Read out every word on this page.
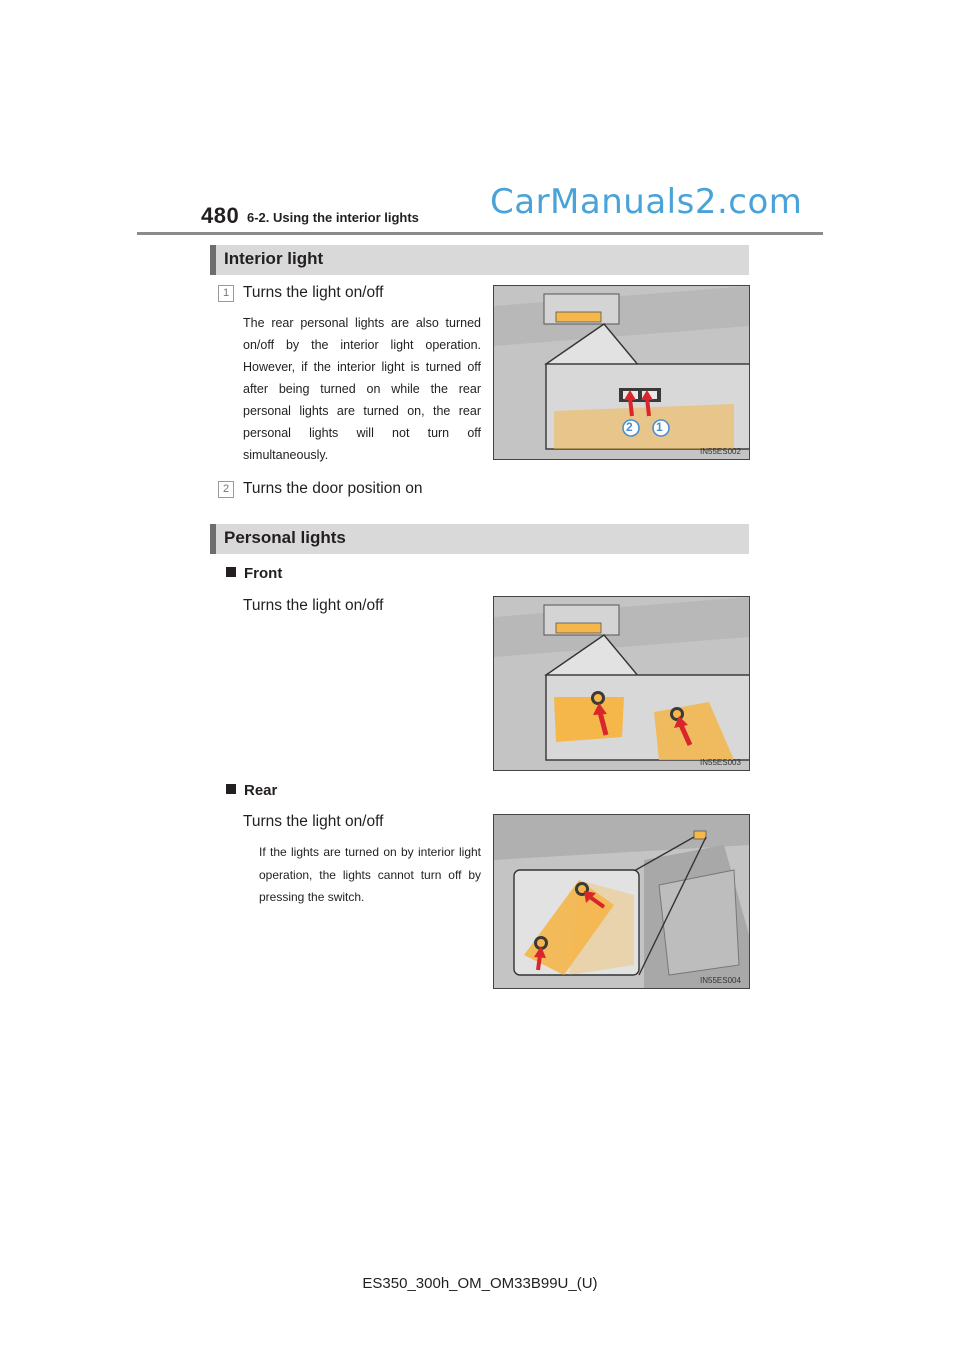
480 6-2. Using the interior lights CarManuals2.com
Interior light
1 Turns the light on/off
The rear personal lights are also turned on/off by the interior light operation. However, if the interior light is turned off after being turned on while the rear personal lights are turned on, the rear personal lights will not turn off simultaneously.
2 1
IN55ES002
2 Turns the door position on
Personal lights
Front
Turns the light on/off
IN55ES003
Rear
Turns the light on/off
If the lights are turned on by interior light operation, the lights cannot turn off by pressing the switch.
IN55ES004
ES350_300h_OM_OM33B99U_(U)
